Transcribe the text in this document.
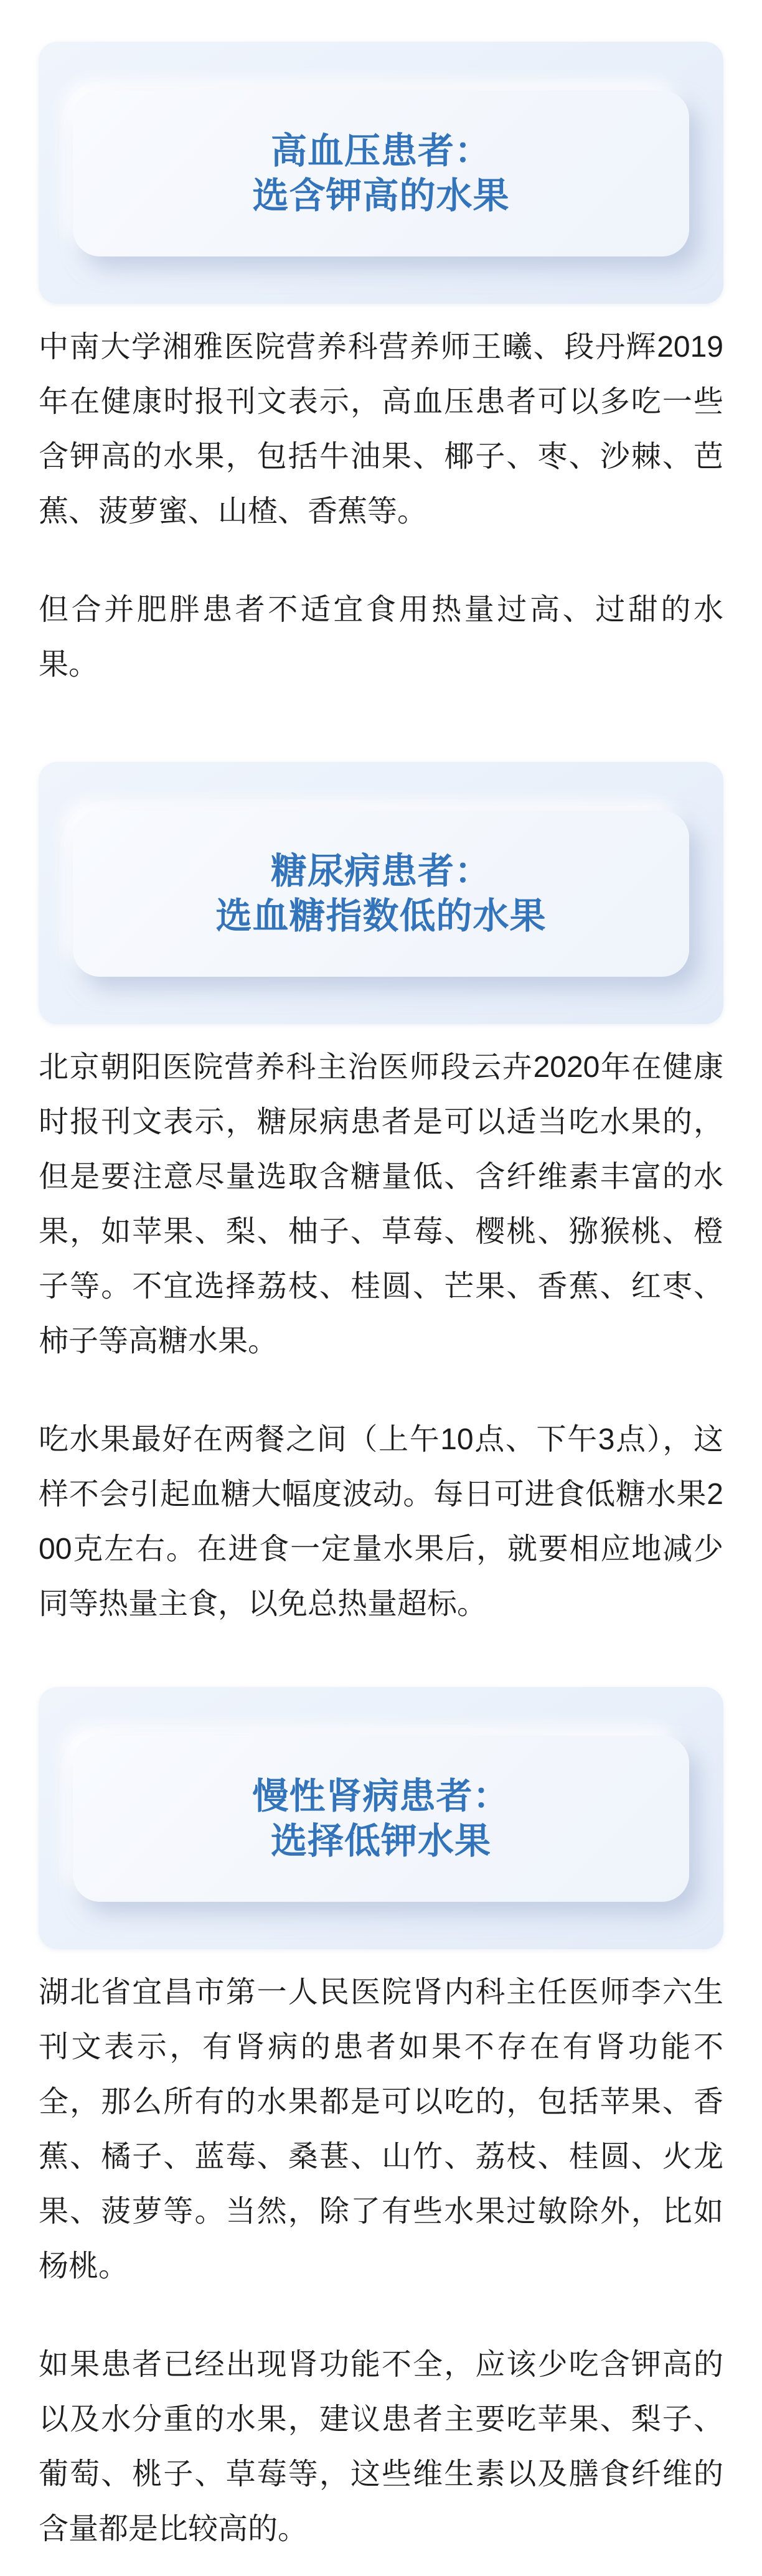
高血压患者：
选含钾高的水果

中南大学湘雅医院营养科营养师王曦、段丹辉2019年在健康时报刊文表示，高血压患者可以多吃一些含钾高的水果，包括牛油果、椰子、枣、沙棘、芭蕉、菠萝蜜、山楂、香蕉等。

但合并肥胖患者不适宜食用热量过高、过甜的水果。

糖尿病患者：
选血糖指数低的水果

北京朝阳医院营养科主治医师段云卉2020年在健康时报刊文表示，糖尿病患者是可以适当吃水果的，但是要注意尽量选取含糖量低、含纤维素丰富的水果，如苹果、梨、柚子、草莓、樱桃、猕猴桃、橙子等。不宜选择荔枝、桂圆、芒果、香蕉、红枣、柿子等高糖水果。

吃水果最好在两餐之间（上午10点、下午3点），这样不会引起血糖大幅度波动。每日可进食低糖水果200克左右。在进食一定量水果后，就要相应地减少同等热量主食，以免总热量超标。

慢性肾病患者：
选择低钾水果

湖北省宜昌市第一人民医院肾内科主任医师李六生刊文表示，有肾病的患者如果不存在有肾功能不全，那么所有的水果都是可以吃的，包括苹果、香蕉、橘子、蓝莓、桑葚、山竹、荔枝、桂圆、火龙果、菠萝等。当然，除了有些水果过敏除外，比如杨桃。

如果患者已经出现肾功能不全，应该少吃含钾高的以及水分重的水果，建议患者主要吃苹果、梨子、葡萄、桃子、草莓等，这些维生素以及膳食纤维的含量都是比较高的。
